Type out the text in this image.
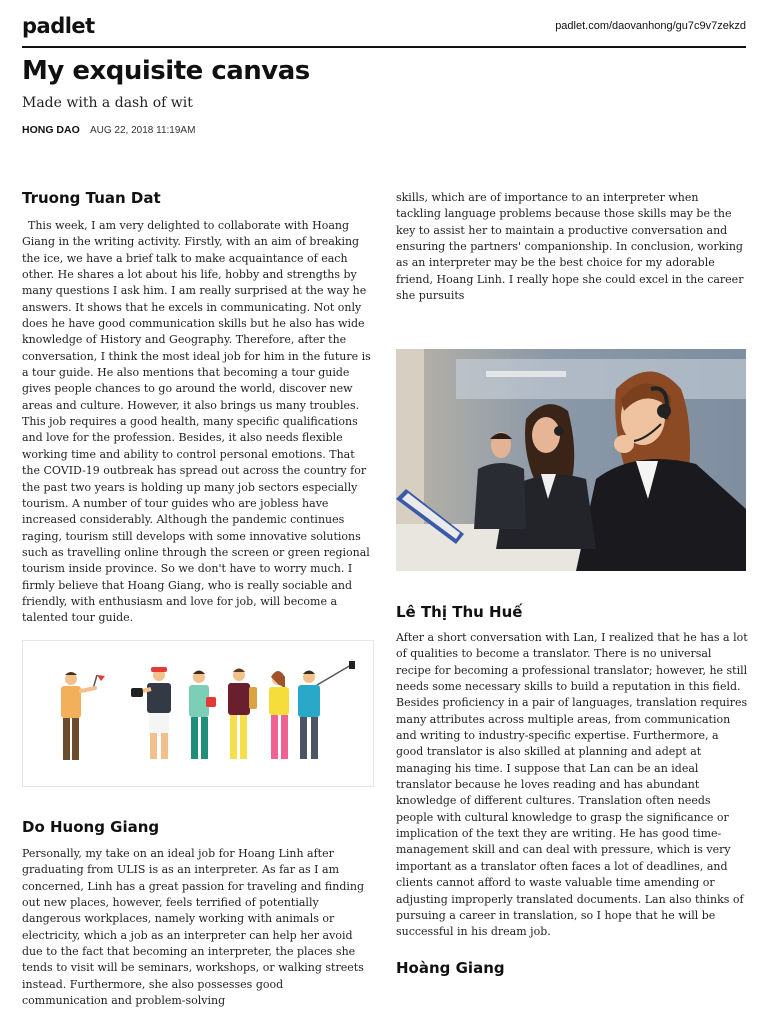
padlet	padlet.com/daovanhong/gu7c9v7zekzd
My exquisite canvas
Made with a dash of wit
HONG DAO AUG 22, 2018 11:19AM
Truong Tuan Dat

This week, I am very delighted to collaborate with Hoang Giang in the writing activity. Firstly, with an aim of breaking the ice, we have a brief talk to make acquaintance of each other. He shares a lot about his life, hobby and strengths by many questions I ask him. I am really surprised at the way he answers. It shows that he excels in communicating. Not only does he have good communication skills but he also has wide knowledge of History and Geography. Therefore, after the conversation, I think the most ideal job for him in the future is a tour guide. He also mentions that becoming a tour guide gives people chances to go around the world, discover new areas and culture. However, it also brings us many troubles. This job requires a good health, many specific qualifications and love for the profession. Besides, it also needs flexible working time and ability to control personal emotions. That the COVID-19 outbreak has spread out across the country for the past two years is holding up many job sectors especially tourism. A number of tour guides who are jobless have increased considerably. Although the pandemic continues raging, tourism still develops with some innovative solutions such as travelling online through the screen or green regional tourism inside province. So we don't have to worry much. I firmly believe that Hoang Giang, who is really sociable and friendly, with enthusiasm and love for job, will become a talented tour guide.

Do Huong Giang

Personally, my take on an ideal job for Hoang Linh after graduating from ULIS is as an interpreter. As far as I am concerned, Linh has a great passion for traveling and finding out new places, however, feels terrified of potentially dangerous workplaces, namely working with animals or electricity, which a job as an interpreter can help her avoid due to the fact that becoming an interpreter, the places she tends to visit will be seminars, workshops, or walking streets instead. Furthermore, she also possesses good communication and problem-solving

skills, which are of importance to an interpreter when tackling language problems because those skills may be the key to assist her to maintain a productive conversation and ensuring the partners' companionship. In conclusion, working as an interpreter may be the best choice for my adorable friend, Hoang Linh. I really hope she could excel in the career she pursuits

Lê Thị Thu Huế

After a short conversation with Lan, I realized that he has a lot of qualities to become a translator. There is no universal recipe for becoming a professional translator; however, he still needs some necessary skills to build a reputation in this field. Besides proficiency in a pair of languages, translation requires many attributes across multiple areas, from communication and writing to industry-specific expertise. Furthermore, a good translator is also skilled at planning and adept at managing his time. I suppose that Lan can be an ideal translator because he loves reading and has abundant knowledge of different cultures. Translation often needs people with cultural knowledge to grasp the significance or implication of the text they are writing. He has good time-management skill and can deal with pressure, which is very important as a translator often faces a lot of deadlines, and clients cannot afford to waste valuable time amending or adjusting improperly translated documents. Lan also thinks of pursuing a career in translation, so I hope that he will be successful in his dream job.

Hoàng Giang
